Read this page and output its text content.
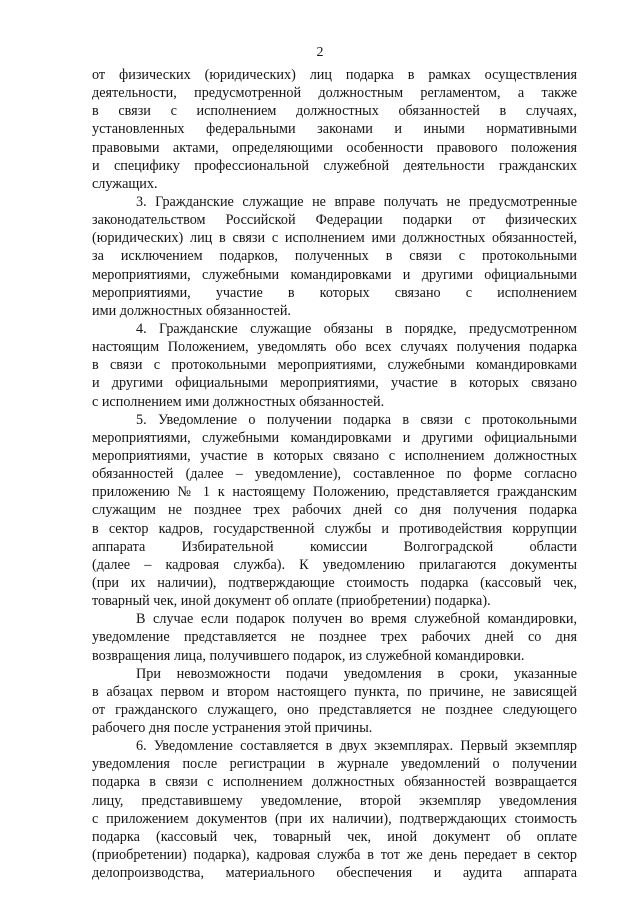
2
от физических (юридических) лиц подарка в рамках осуществления
деятельности, предусмотренной должностным регламентом, а также
в связи с исполнением должностных обязанностей в случаях,
установленных федеральными законами и иными нормативными
правовыми актами, определяющими особенности правового положения
и специфику профессиональной служебной деятельности гражданских
служащих.
3. Гражданские служащие не вправе получать не предусмотренные
законодательством Российской Федерации подарки от физических
(юридических) лиц в связи с исполнением ими должностных обязанностей,
за исключением подарков, полученных в связи с протокольными
мероприятиями, служебными командировками и другими официальными
мероприятиями, участие в которых связано с исполнением
ими должностных обязанностей.
4. Гражданские служащие обязаны в порядке, предусмотренном
настоящим Положением, уведомлять обо всех случаях получения подарка
в связи с протокольными мероприятиями, служебными командировками
и другими официальными мероприятиями, участие в которых связано
с исполнением ими должностных обязанностей.
5. Уведомление о получении подарка в связи с протокольными
мероприятиями, служебными командировками и другими официальными
мероприятиями, участие в которых связано с исполнением должностных
обязанностей (далее – уведомление), составленное по форме согласно
приложению № 1 к настоящему Положению, представляется гражданским
служащим не позднее трех рабочих дней со дня получения подарка
в сектор кадров, государственной службы и противодействия коррупции
аппарата Избирательной комиссии Волгоградской области
(далее – кадровая служба). К уведомлению прилагаются документы
(при их наличии), подтверждающие стоимость подарка (кассовый чек,
товарный чек, иной документ об оплате (приобретении) подарка).
В случае если подарок получен во время служебной командировки,
уведомление представляется не позднее трех рабочих дней со дня
возвращения лица, получившего подарок, из служебной командировки.
При невозможности подачи уведомления в сроки, указанные
в абзацах первом и втором настоящего пункта, по причине, не зависящей
от гражданского служащего, оно представляется не позднее следующего
рабочего дня после устранения этой причины.
6. Уведомление составляется в двух экземплярах. Первый экземпляр
уведомления после регистрации в журнале уведомлений о получении
подарка в связи с исполнением должностных обязанностей возвращается
лицу, представившему уведомление, второй экземпляр уведомления
с приложением документов (при их наличии), подтверждающих стоимость
подарка (кассовый чек, товарный чек, иной документ об оплате
(приобретении) подарка), кадровая служба в тот же день передает в сектор
делопроизводства, материального обеспечения и аудита аппарата
